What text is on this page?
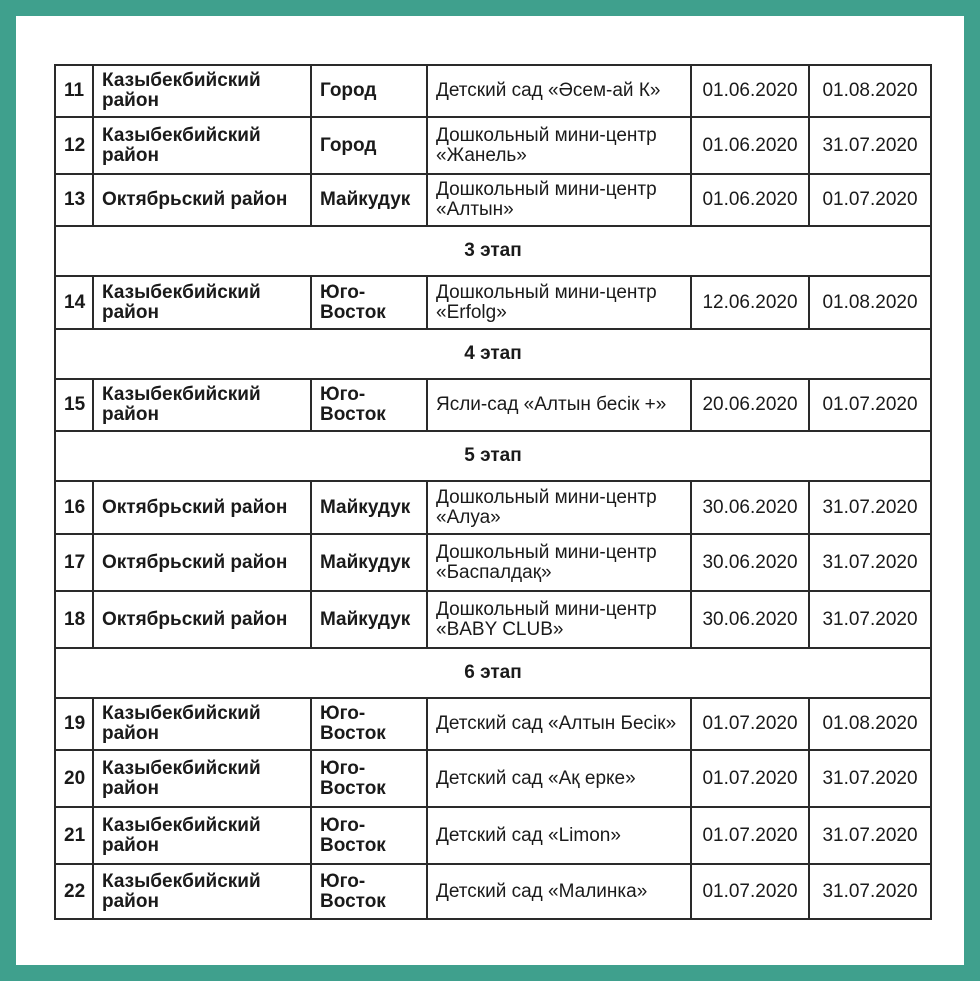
11	Казыбекбийский район	Город	Детский сад «Әсем-ай К»	01.06.2020	01.08.2020
12	Казыбекбийский район	Город	Дошкольный мини-центр «Жанель»	01.06.2020	31.07.2020
13	Октябрьский район	Майкудук	Дошкольный мини-центр «Алтын»	01.06.2020	01.07.2020
3 этап					
14	Казыбекбийский район	Юго-Восток	Дошкольный мини-центр «Erfolg»	12.06.2020	01.08.2020
4 этап					
15	Казыбекбийский район	Юго-Восток	Ясли-сад «Алтын бесік +»	20.06.2020	01.07.2020
5 этап					
16	Октябрьский район	Майкудук	Дошкольный мини-центр «Алуа»	30.06.2020	31.07.2020
17	Октябрьский район	Майкудук	Дошкольный мини-центр «Баспалдақ»	30.06.2020	31.07.2020
18	Октябрьский район	Майкудук	Дошкольный мини-центр «BABY CLUB»	30.06.2020	31.07.2020
6 этап					
19	Казыбекбийский район	Юго-Восток	Детский сад «Алтын Бесік»	01.07.2020	01.08.2020
20	Казыбекбийский район	Юго-Восток	Детский сад «Ақ ерке»	01.07.2020	31.07.2020
21	Казыбекбийский район	Юго-Восток	Детский сад «Limon»	01.07.2020	31.07.2020
22	Казыбекбийский район	Юго-Восток	Детский сад «Малинка»	01.07.2020	31.07.2020
